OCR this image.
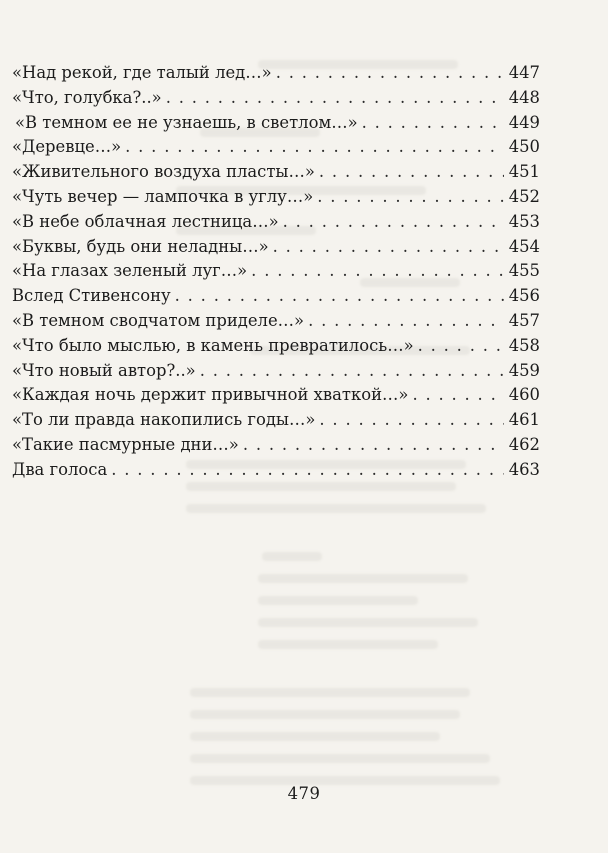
«Над рекой, где талый лед…» . . .	447
«Что, голубка?..» . . .	448
«В темном ее не узнаешь, в светлом…» . . .	449
«Деревце…» . . .	450
«Живительного воздуха пласты…» . . .	451
«Чуть вечер — лампочка в углу…» . . .	452
«В небе облачная лестница…» . . .	453
«Буквы, будь они неладны…» . . .	454
«На глазах зеленый луг…» . . .	455
Вслед Стивенсону . . .	456
«В темном сводчатом приделе…» . . .	457
«Что было мыслью, в камень превратилось…» . . .	458
«Что новый автор?..» . . .	459
«Каждая ночь держит привычной хваткой…» . . .	460
«То ли правда накопились годы…» . . .	461
«Такие пасмурные дни…» . . .	462
Два голоса . . .	463
479
